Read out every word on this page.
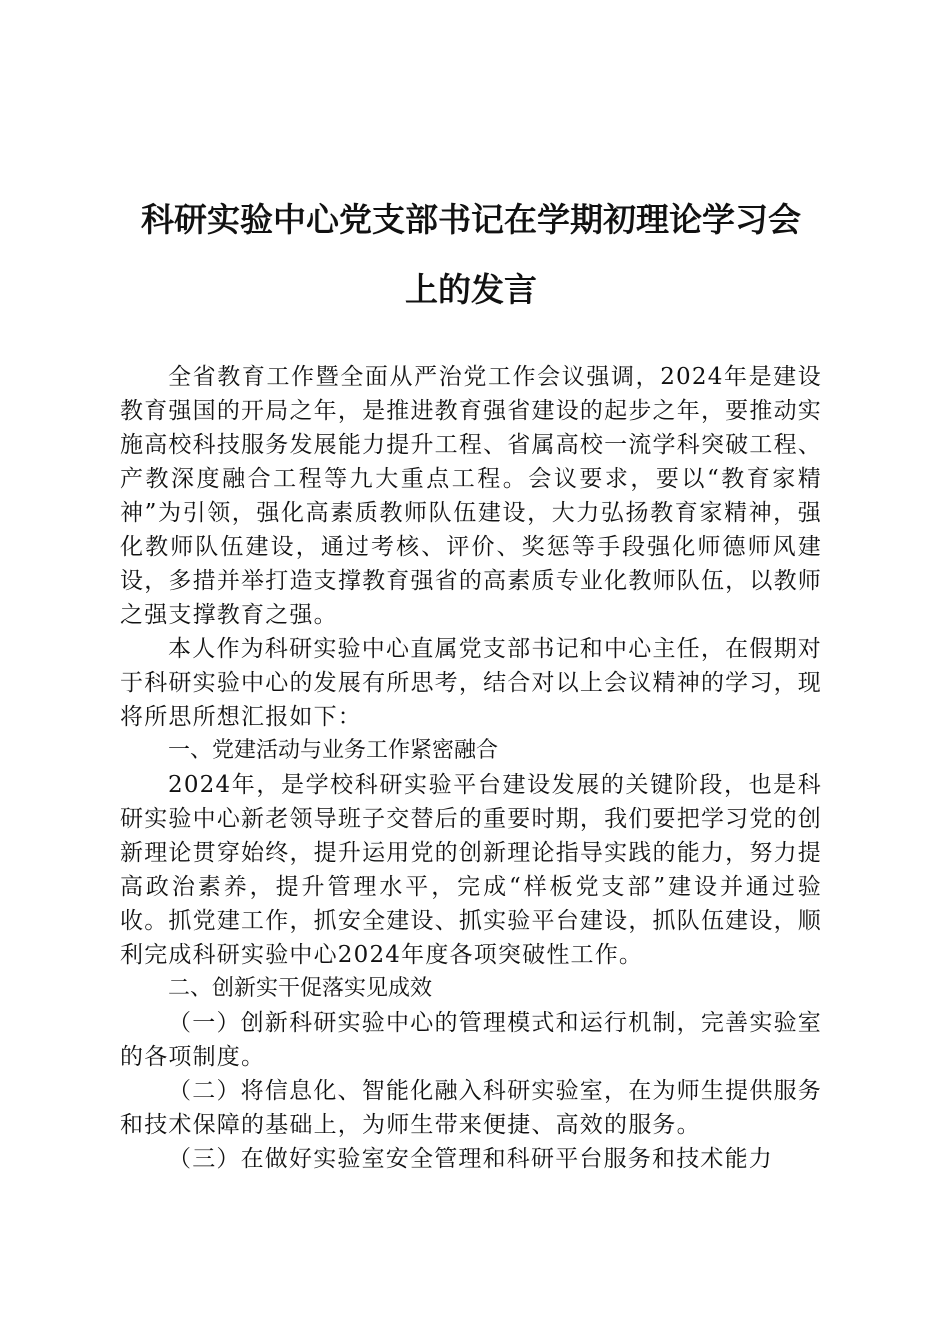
科研实验中心党支部书记在学期初理论学习会
上的发言

全省教育工作暨全面从严治党工作会议强调，2024年是建设教育强国的开局之年，是推进教育强省建设的起步之年，要推动实施高校科技服务发展能力提升工程、省属高校一流学科突破工程、产教深度融合工程等九大重点工程。会议要求，要以“教育家精神”为引领，强化高素质教师队伍建设，大力弘扬教育家精神，强化教师队伍建设，通过考核、评价、奖惩等手段强化师德师风建设，多措并举打造支撑教育强省的高素质专业化教师队伍，以教师之强支撑教育之强。

本人作为科研实验中心直属党支部书记和中心主任，在假期对于科研实验中心的发展有所思考，结合对以上会议精神的学习，现将所思所想汇报如下：

一、党建活动与业务工作紧密融合

2024年，是学校科研实验平台建设发展的关键阶段，也是科研实验中心新老领导班子交替后的重要时期，我们要把学习党的创新理论贯穿始终，提升运用党的创新理论指导实践的能力，努力提高政治素养，提升管理水平，完成“样板党支部”建设并通过验收。抓党建工作，抓安全建设、抓实验平台建设，抓队伍建设，顺利完成科研实验中心2024年度各项突破性工作。

二、创新实干促落实见成效

（一）创新科研实验中心的管理模式和运行机制，完善实验室的各项制度。

（二）将信息化、智能化融入科研实验室，在为师生提供服务和技术保障的基础上，为师生带来便捷、高效的服务。

（三）在做好实验室安全管理和科研平台服务和技术能力
